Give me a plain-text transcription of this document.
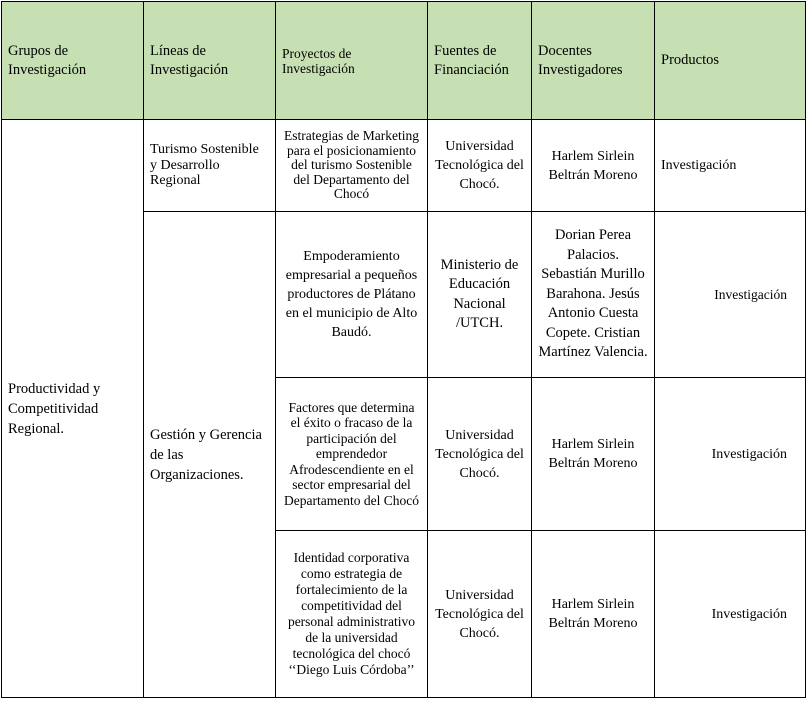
Grupos de Investigación	Líneas de Investigación	Proyectos de Investigación	Fuentes de Financiación	Docentes Investigadores	Productos
Productividad y Competitividad Regional.	Turismo Sostenible y Desarrollo Regional	Estrategias de Marketing para el posicionamiento del turismo Sostenible del Departamento del Chocó	Universidad Tecnológica del Chocó.	Harlem Sirlein Beltrán Moreno	Investigación
	Gestión y Gerencia de las Organizaciones.	Empoderamiento empresarial a pequeños productores de Plátano en el municipio de Alto Baudó.	Ministerio de Educación Nacional /UTCH.	Dorian Perea Palacios. Sebastián Murillo Barahona. Jesús Antonio Cuesta Copete. Cristian Martínez Valencia.	Investigación
		Factores que determina el éxito o fracaso de la participación del emprendedor Afrodescendiente en el sector empresarial del Departamento del Chocó	Universidad Tecnológica del Chocó.	Harlem Sirlein Beltrán Moreno	Investigación
		Identidad corporativa como estrategia de fortalecimiento de la competitividad del personal administrativo de la universidad tecnológica del chocó ‘‘Diego Luis Córdoba’’	Universidad Tecnológica del Chocó.	Harlem Sirlein Beltrán Moreno	Investigación
